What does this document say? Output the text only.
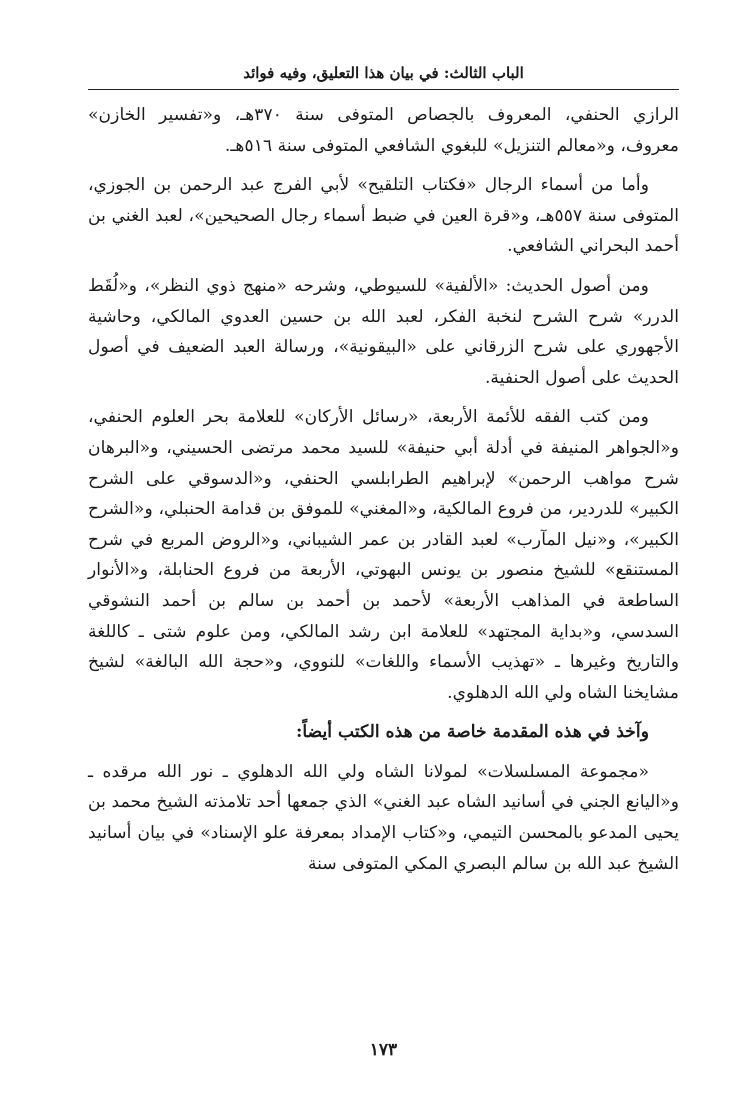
الباب الثالث: في بيان هذا التعليق، وفيه فوائد

الرازي الحنفي، المعروف بالجصاص المتوفى سنة ٣٧٠هـ، و«تفسير الخازن» معروف، و«معالم التنزيل» للبغوي الشافعي المتوفى سنة ٥١٦هـ.

وأما من أسماء الرجال «فكتاب التلقيح» لأبي الفرج عبد الرحمن بن الجوزي، المتوفى سنة ٥٥٧هـ، و«قرة العين في ضبط أسماء رجال الصحيحين»، لعبد الغني بن أحمد البحراني الشافعي.

ومن أصول الحديث: «الألفية» للسيوطي، وشرحه «منهج ذوي النظر»، و«لُقَط الدرر» شرح الشرح لنخبة الفكر، لعبد الله بن حسين العدوي المالكي، وحاشية الأجهوري على شرح الزرقاني على «البيقونية»، ورسالة العبد الضعيف في أصول الحديث على أصول الحنفية.

ومن كتب الفقه للأئمة الأربعة، «رسائل الأركان» للعلامة بحر العلوم الحنفي، و«الجواهر المنيفة في أدلة أبي حنيفة» للسيد محمد مرتضى الحسيني، و«البرهان شرح مواهب الرحمن» لإبراهيم الطرابلسي الحنفي، و«الدسوقي على الشرح الكبير» للدردير، من فروع المالكية، و«المغني» للموفق بن قدامة الحنبلي، و«الشرح الكبير»، و«نيل المآرب» لعبد القادر بن عمر الشيباني، و«الروض المربع في شرح المستنقع» للشيخ منصور بن يونس البهوتي، الأربعة من فروع الحنابلة، و«الأنوار الساطعة في المذاهب الأربعة» لأحمد بن أحمد بن سالم بن أحمد النشوقي السدسي، و«بداية المجتهد» للعلامة ابن رشد المالكي، ومن علوم شتى ـ كاللغة والتاريخ وغيرها ـ «تهذيب الأسماء واللغات» للنووي، و«حجة الله البالغة» لشيخ مشايخنا الشاه ولي الله الدهلوي.

وآخذ في هذه المقدمة خاصة من هذه الكتب أيضاً:

«مجموعة المسلسلات» لمولانا الشاه ولي الله الدهلوي ـ نور الله مرقده ـ و«اليانع الجني في أسانيد الشاه عبد الغني» الذي جمعها أحد تلامذته الشيخ محمد بن يحيى المدعو بالمحسن التيمي، و«كتاب الإمداد بمعرفة علو الإسناد» في بيان أسانيد الشيخ عبد الله بن سالم البصري المكي المتوفى سنة

١٧٣
